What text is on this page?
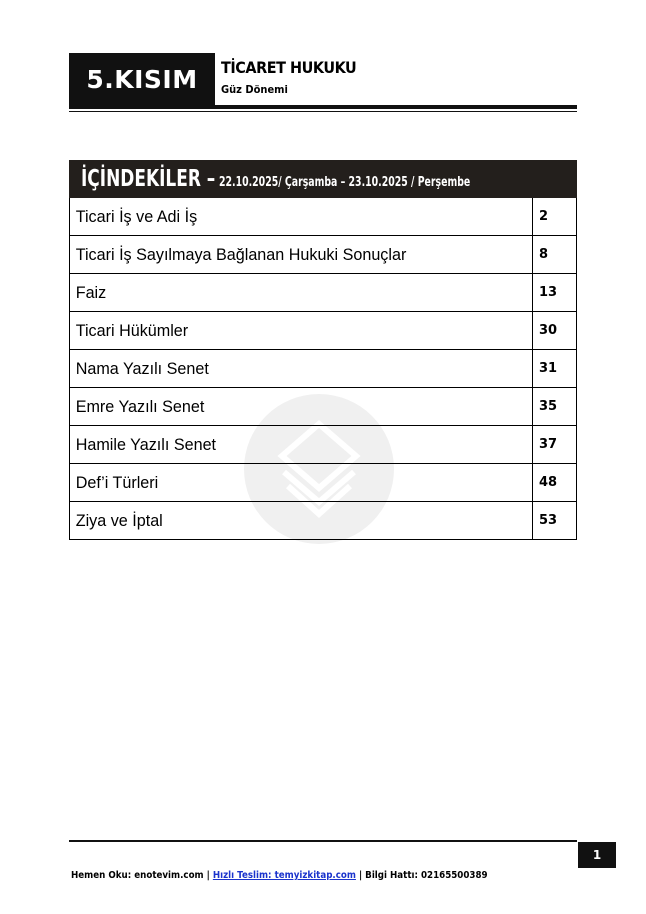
5.KISIM	TİCARET HUKUKU
Güz Dönemi
İÇİNDEKİLER – 22.10.2025/ Çarşamba – 23.10.2025 / Perşembe
Ticari İş ve Adi İş	2
Ticari İş Sayılmaya Bağlanan Hukuki Sonuçlar	8
Faiz	13
Ticari Hükümler	30
Nama Yazılı Senet	31
Emre Yazılı Senet	35
Hamile Yazılı Senet	37
Def’i Türleri	48
Ziya ve İptal	53
1
Hemen Oku: enotevim.com | Hızlı Teslim: temyizkitap.com | Bilgi Hattı: 02165500389
